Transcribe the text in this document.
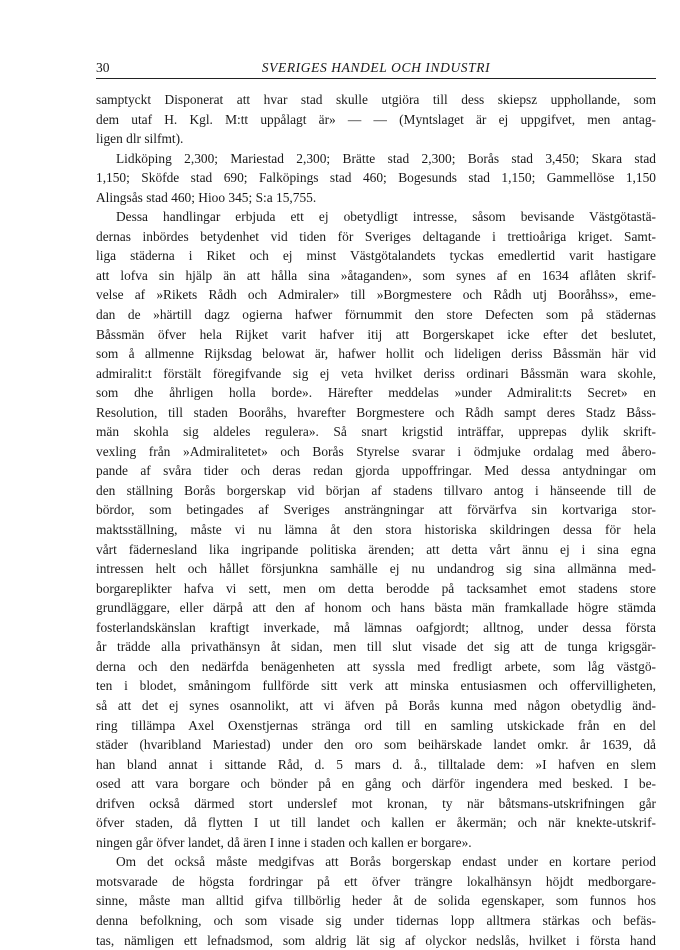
30	SVERIGES HANDEL OCH INDUSTRI
samptyckt Disponerat att hvar stad skulle utgiöra till dess skiepsz upphollande, som
dem utaf H. Kgl. M:tt uppålagt är» — — (Myntslaget är ej uppgifvet, men antag-
ligen dlr silfmt).
Lidköping 2,300; Mariestad 2,300; Brätte stad 2,300; Borås stad 3,450; Skara stad
1,150; Sköfde stad 690; Falköpings stad 460; Bogesunds stad 1,150; Gammellöse 1,150
Alingsås stad 460; Hioo 345; S:a 15,755.
Dessa handlingar erbjuda ett ej obetydligt intresse, såsom bevisande Västgötastä-
dernas inbördes betydenhet vid tiden för Sveriges deltagande i trettioåriga kriget. Samt-
liga städerna i Riket och ej minst Västgötalandets tyckas emedlertid varit hastigare
att lofva sin hjälp än att hålla sina »åtaganden», som synes af en 1634 aflåten skrif-
velse af »Rikets Rådh och Admiraler» till »Borgmestere och Rådh utj Booråhss», eme-
dan de »härtill dagz ogierna hafwer förnummit den store Defecten som på städernas
Båssmän öfver hela Rijket varit hafver itij att Borgerskapet icke efter det beslutet,
som å allmenne Rijksdag belowat är, hafwer hollit och lideligen deriss Båssmän här vid
admiralit:t förstält föregifvande sig ej veta hvilket deriss ordinari Båssmän wara skohle,
som dhe åhrligen holla borde». Härefter meddelas »under Admiralit:ts Secret» en
Resolution, till staden Booråhs, hvarefter Borgmestere och Rådh sampt deres Stadz Båss-
män skohla sig aldeles regulera». Så snart krigstid inträffar, upprepas dylik skrift-
vexling från »Admiralitetet» och Borås Styrelse svarar i ödmjuke ordalag med åbero-
pande af svåra tider och deras redan gjorda uppoffringar. Med dessa antydningar om
den ställning Borås borgerskap vid början af stadens tillvaro antog i hänseende till de
bördor, som betingades af Sveriges ansträngningar att förvärfva sin kortvariga stor-
maktsställning, måste vi nu lämna åt den stora historiska skildringen dessa för hela
vårt fädernesland lika ingripande politiska ärenden; att detta vårt ännu ej i sina egna
intressen helt och hållet försjunkna samhälle ej nu undandrog sig sina allmänna med-
borgareplikter hafva vi sett, men om detta berodde på tacksamhet emot stadens store
grundläggare, eller därpå att den af honom och hans bästa män framkallade högre stämda
fosterlandskänslan kraftigt inverkade, må lämnas oafgjordt; alltnog, under dessa första
år trädde alla privathänsyn åt sidan, men till slut visade det sig att de tunga krigsgär-
derna och den nedärfda benägenheten att syssla med fredligt arbete, som låg västgö-
ten i blodet, småningom fullförde sitt verk att minska entusiasmen och offervilligheten,
så att det ej synes osannolikt, att vi äfven på Borås kunna med någon obetydlig änd-
ring tillämpa Axel Oxenstjernas stränga ord till en samling utskickade från en del
städer (hvaribland Mariestad) under den oro som beihärskade landet omkr. år 1639, då
han bland annat i sittande Råd, d. 5 mars d. å., tilltalade dem: »I hafven en slem
osed att vara borgare och bönder på en gång och därför ingendera med besked. I be-
drifven också därmed stort underslef mot kronan, ty när båtsmans-utskrifningen går
öfver staden, då flytten I ut till landet och kallen er åkermän; och när knekte-utskrif-
ningen går öfver landet, då ären I inne i staden och kallen er borgare».
Om det också måste medgifvas att Borås borgerskap endast under en kortare period
motsvarade de högsta fordringar på ett öfver trängre lokalhänsyn höjdt medborgare-
sinne, måste man alltid gifva tillbörlig heder åt de solida egenskaper, som funnos hos
denna befolkning, och som visade sig under tidernas lopp alltmera stärkas och befäs-
tas, nämligen ett lefnadsmod, som aldrig lät sig af olyckor nedslås, hvilket i första hand
